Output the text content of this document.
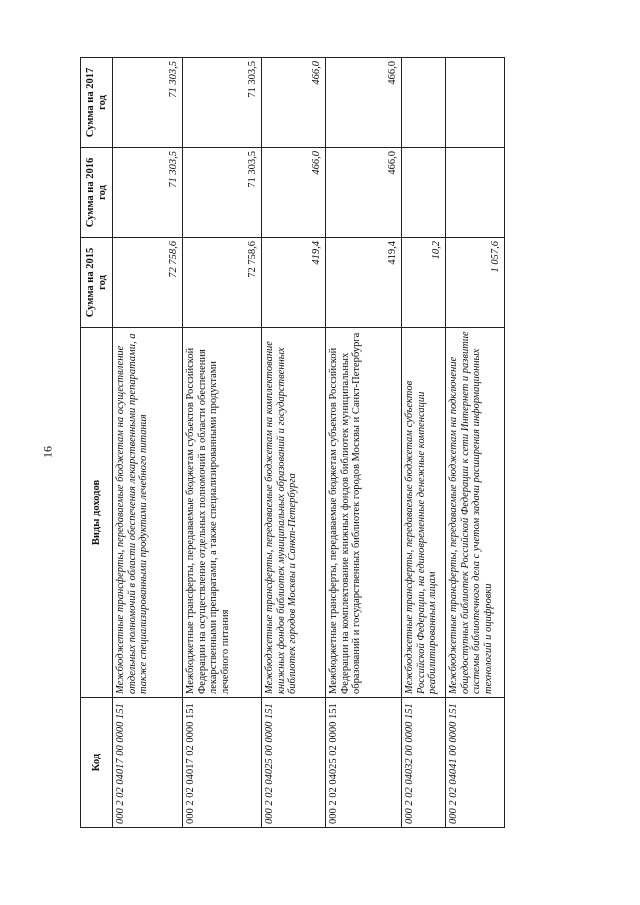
16
Код	Виды доходов	Сумма на 2015 год	Сумма на 2016 год	Сумма на 2017 год
000 2 02 04017 00 0000 151	Межбюджетные трансферты, передаваемые бюджетам на осуществление отдельных полномочий в области обеспечения лекарственными препаратами, а также специализированными продуктами лечебного питания	72 758,6	71 303,5	71 303,5
000 2 02 04017 02 0000 151	Межбюджетные трансферты, передаваемые бюджетам субъектов Российской Федерации на осуществление отдельных полномочий в области обеспечения лекарственными препаратами, а также специализированными продуктами лечебного питания	72 758,6	71 303,5	71 303,5
000 2 02 04025 00 0000 151	Межбюджетные трансферты, передаваемые бюджетам на комплектование книжных фондов библиотек муниципальных образований и государственных библиотек городов Москвы и Санкт-Петербурга	419,4	466,0	466,0
000 2 02 04025 02 0000 151	Межбюджетные трансферты, передаваемые бюджетам субъектов Российской Федерации на комплектование книжных фондов библиотек муниципальных образований и государственных библиотек городов Москвы и Санкт-Петербурга	419,4	466,0	466,0
000 2 02 04032 00 0000 151	Межбюджетные трансферты, передаваемые бюджетам субъектов Российской Федерации, на единовременные денежные компенсации реабилитированным лицам	10,2		
000 2 02 04041 00 0000 151	Межбюджетные трансферты, передаваемые бюджетам на подключение общедоступных библиотек Российской Федерации к сети Интернет и развитие системы библиотечного дела с учетом задачи расширения информационных технологий и оцифровки	1 057,6		
